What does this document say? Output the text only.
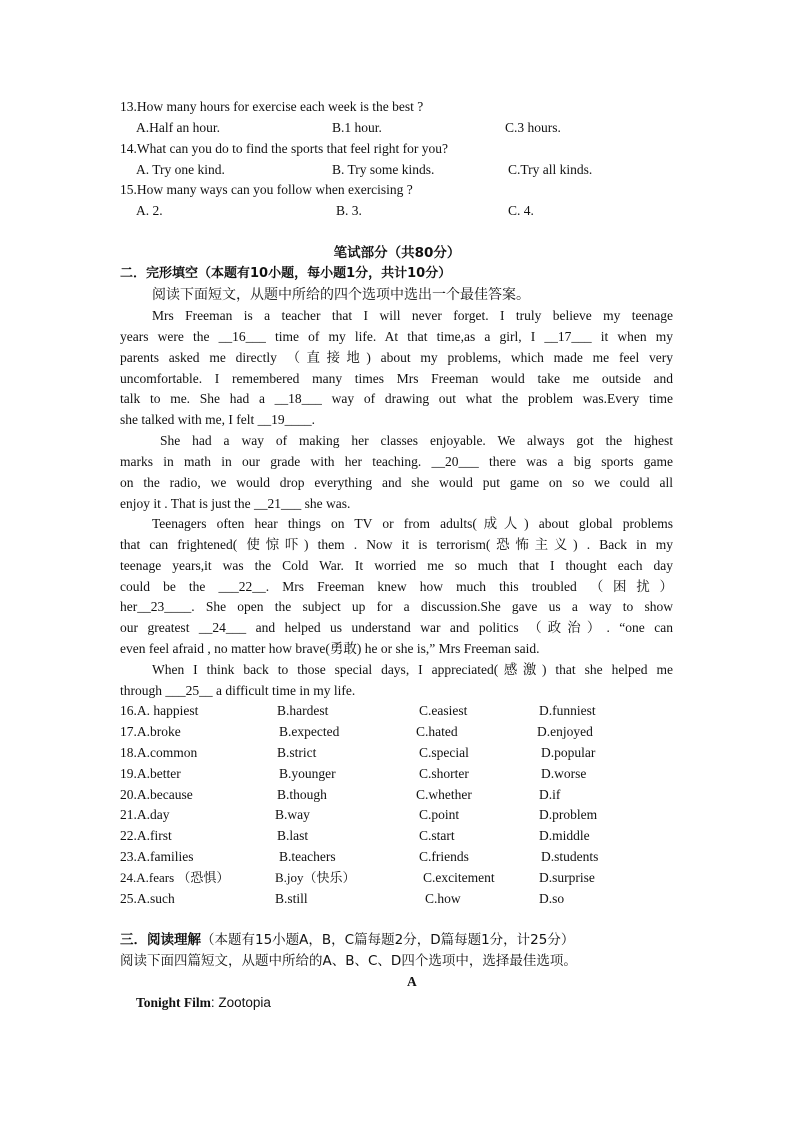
13.How many hours for exercise each week is the best ?
A.Half an hour.	B.1 hour.	C.3 hours.
14.What can you do to find the sports that feel right for you?
A. Try one kind.	B. Try some kinds.	C.Try all kinds.
15.How many ways can you follow when exercising ?
A. 2.	B. 3.	C. 4.
笔试部分（共80分）
二．完形填空（本题有10小题，每小题1分，共计10分）
阅读下面短文，从题中所给的四个选项中选出一个最佳答案。
Mrs Freeman is a teacher that I will never forget. I truly believe my teenage
years were the __16___ time of my life. At that time,as a girl, I __17___ it when my
parents asked me directly （直接地) about my problems, which made me feel very
uncomfortable. I remembered many times Mrs Freeman would take me outside and
talk to me. She had a __18___ way of drawing out what the problem was.Every time
she talked with me, I felt __19____.
She had a way of making her classes enjoyable. We always got the highest
marks in math in our grade with her teaching. __20___ there was a big sports game
on the radio, we would drop everything and she would put game on so we could all
enjoy it . That is just the __21___ she was.
Teenagers often hear things on TV or from adults(成人) about global problems
that can frightened( 使惊吓) them . Now it is terrorism(恐怖主义) . Back in my
teenage years,it was the Cold War. It worried me so much that I thought each day
could be the ___22__. Mrs Freeman knew how much this troubled （困扰）
her__23____. She open the subject up for a discussion.She gave us a way to show
our greatest __24___ and helped us understand war and politics （政治）. “one can
even feel afraid , no matter how brave(勇敢) he or she is,” Mrs Freeman said.
When I think back to those special days, I appreciated(感激) that she helped me
through ___25__ a difficult time in my life.
16.A. happiest	B.hardest	C.easiest	D.funniest
17.A.broke	B.expected	C.hated	D.enjoyed
18.A.common	B.strict	C.special	D.popular
19.A.better	B.younger	C.shorter	D.worse
20.A.because	B.though	C.whether	D.if
21.A.day	B.way	C.point	D.problem
22.A.first	B.last	C.start	D.middle
23.A.families	B.teachers	C.friends	D.students
24.A.fears （恐惧）	B.joy（快乐）	C.excitement	D.surprise
25.A.such	B.still	C.how	D.so
三．阅读理解（本题有15小题A，B，C篇每题2分，D篇每题1分，计25分）
阅读下面四篇短文，从题中所给的A、B、C、D四个选项中，选择最佳选项。
A
Tonight Film: Zootopia
